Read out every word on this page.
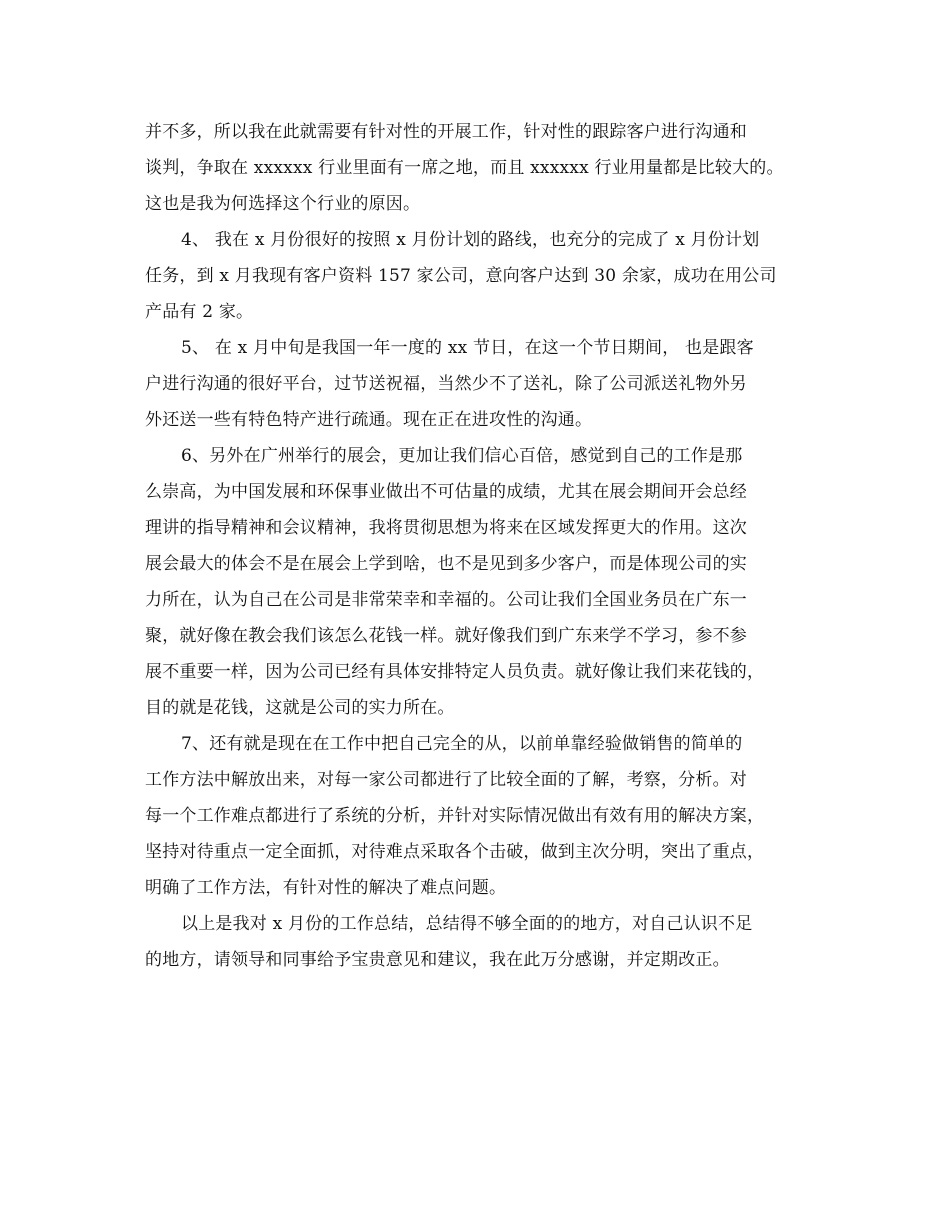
并不多，所以我在此就需要有针对性的开展工作，针对性的跟踪客户进行沟通和
谈判，争取在 xxxxxx 行业里面有一席之地，而且 xxxxxx 行业用量都是比较大的。
这也是我为何选择这个行业的原因。
4、 我在 x 月份很好的按照 x 月份计划的路线，也充分的完成了 x 月份计划
任务，到 x 月我现有客户资料 157 家公司，意向客户达到 30 余家，成功在用公司
产品有 2 家。
5、 在 x 月中旬是我国一年一度的 xx 节日，在这一个节日期间， 也是跟客
户进行沟通的很好平台，过节送祝福，当然少不了送礼，除了公司派送礼物外另
外还送一些有特色特产进行疏通。现在正在进攻性的沟通。
6、另外在广州举行的展会，更加让我们信心百倍，感觉到自己的工作是那
么崇高，为中国发展和环保事业做出不可估量的成绩，尤其在展会期间开会总经
理讲的指导精神和会议精神，我将贯彻思想为将来在区域发挥更大的作用。这次
展会最大的体会不是在展会上学到啥，也不是见到多少客户，而是体现公司的实
力所在，认为自己在公司是非常荣幸和幸福的。公司让我们全国业务员在广东一
聚，就好像在教会我们该怎么花钱一样。就好像我们到广东来学不学习，参不参
展不重要一样，因为公司已经有具体安排特定人员负责。就好像让我们来花钱的，
目的就是花钱，这就是公司的实力所在。
7、还有就是现在在工作中把自己完全的从，以前单靠经验做销售的简单的
工作方法中解放出来，对每一家公司都进行了比较全面的了解，考察，分析。对
每一个工作难点都进行了系统的分析，并针对实际情况做出有效有用的解决方案，
坚持对待重点一定全面抓，对待难点采取各个击破，做到主次分明，突出了重点，
明确了工作方法，有针对性的解决了难点问题。
以上是我对 x 月份的工作总结，总结得不够全面的的地方，对自己认识不足
的地方，请领导和同事给予宝贵意见和建议，我在此万分感谢，并定期改正。
